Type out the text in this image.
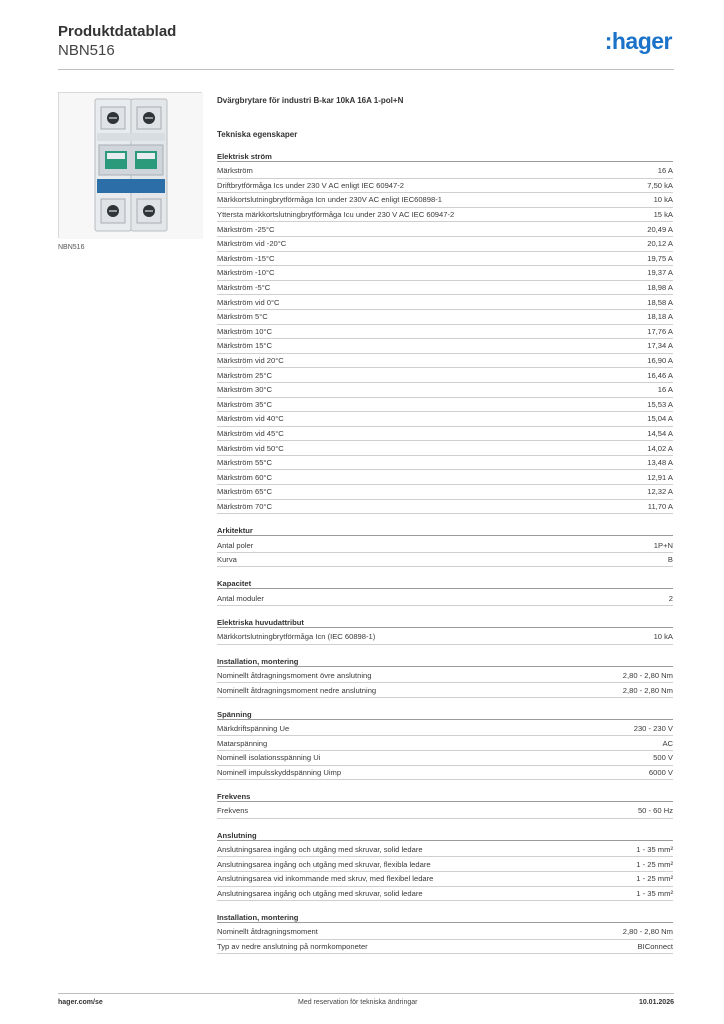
Produktdatablad
NBN516	:hager
NBN516
Dvärgbrytare för industri B-kar 10kA 16A 1-pol+N
Tekniska egenskaper
Elektrisk ström
Märkström	16 A
Driftbrytförmåga Ics under 230 V AC enligt IEC 60947-2	7,50 kA
Märkkortslutningbrytförmåga Icn under 230V AC enligt IEC60898-1	10 kA
Yttersta märkkortslutningbrytförmåga Icu under 230 V AC IEC 60947-2	15 kA
Märkström -25°C	20,49 A
Märkström vid -20°C	20,12 A
Märkström -15°C	19,75 A
Märkström -10°C	19,37 A
Märkström -5°C	18,98 A
Märkström vid 0°C	18,58 A
Märkström 5°C	18,18 A
Märkström 10°C	17,76 A
Märkström 15°C	17,34 A
Märkström vid 20°C	16,90 A
Märkström 25°C	16,46 A
Märkström 30°C	16 A
Märkström 35°C	15,53 A
Märkström vid 40°C	15,04 A
Märkström vid 45°C	14,54 A
Märkström vid 50°C	14,02 A
Märkström 55°C	13,48 A
Märkström 60°C	12,91 A
Märkström 65°C	12,32 A
Märkström 70°C	11,70 A
Arkitektur
Antal poler	1P+N
Kurva	B
Kapacitet
Antal moduler	2
Elektriska huvudattribut
Märkkortslutningbrytförmåga Icn (IEC 60898-1)	10 kA
Installation, montering
Nominellt åtdragningsmoment övre anslutning	2,80 - 2,80 Nm
Nominellt åtdragningsmoment nedre anslutning	2,80 - 2,80 Nm
Spänning
Märkdriftspänning Ue	230 - 230 V
Matarspänning	AC
Nominell isolationsspänning Ui	500 V
Nominell impulsskyddspänning Uimp	6000 V
Frekvens
Frekvens	50 - 60 Hz
Anslutning
Anslutningsarea ingång och utgång med skruvar, solid ledare	1 - 35 mm²
Anslutningsarea ingång och utgång med skruvar, flexibla ledare	1 - 25 mm²
Anslutningsarea vid inkommande med skruv, med flexibel ledare	1 - 25 mm²
Anslutningsarea ingång och utgång med skruvar, solid ledare	1 - 35 mm²
Installation, montering
Nominellt åtdragningsmoment	2,80 - 2,80 Nm
Typ av nedre anslutning på normkomponeter	BIConnect
hager.com/se	Med reservation för tekniska ändringar	10.01.2026
